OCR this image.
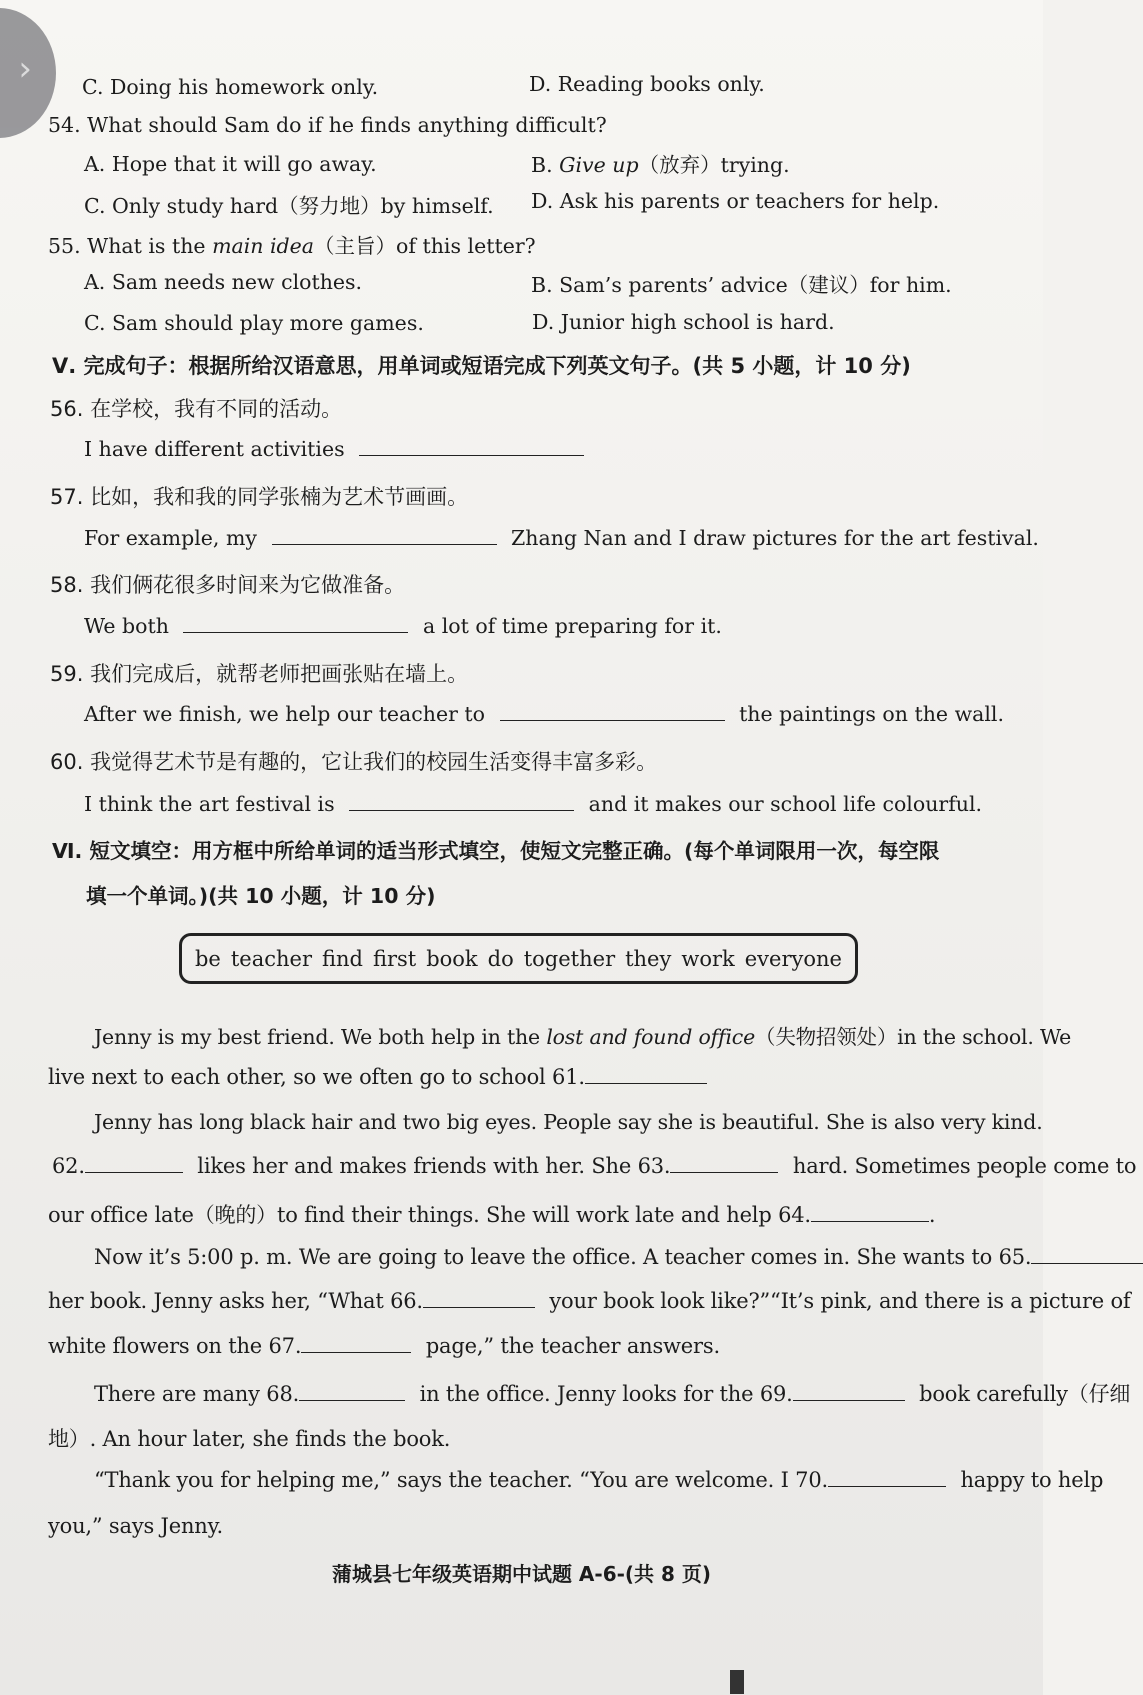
› C. Doing his homework only.	D. Reading books only.
54. What should Sam do if he finds anything difficult?
A. Hope that it will go away.	B. Give up（放弃）trying.
C. Only study hard（努力地）by himself. D. Ask his parents or teachers for help.
55. What is the main idea（主旨）of this letter?
A. Sam needs new clothes.	B. Sam’s parents’ advice（建议）for him.
C. Sam should play more games.	D. Junior high school is hard.
Ⅴ. 完成句子：根据所给汉语意思，用单词或短语完成下列英文句子。(共 5 小题，计 10 分)
56. 在学校，我有不同的活动。
I have different activities
57. 比如，我和我的同学张楠为艺术节画画。
For example, my	Zhang Nan and I draw pictures for the art festival.
58. 我们俩花很多时间来为它做准备。
We both	a lot of time preparing for it.
59. 我们完成后，就帮老师把画张贴在墙上。
After we finish, we help our teacher to	the paintings on the wall.
60. 我觉得艺术节是有趣的，它让我们的校园生活变得丰富多彩。
I think the art festival is	and it makes our school life colourful.
Ⅵ. 短文填空：用方框中所给单词的适当形式填空，使短文完整正确。(每个单词限用一次，每空限
填一个单词。)(共 10 小题，计 10 分)
be teacher find first book do together they work everyone
Jenny is my best friend. We both help in the lost and found office（失物招领处）in the school. We
live next to each other, so we often go to school 61.
Jenny has long black hair and two big eyes. People say she is beautiful. She is also very kind.
62.	likes her and makes friends with her. She 63.	hard. Sometimes people come to
our office late（晚的）to find their things. She will work late and help 64.	.
Now it’s 5:00 p. m. We are going to leave the office. A teacher comes in. She wants to 65.
her book. Jenny asks her, “What 66.	your book look like?”“It’s pink, and there is a picture of
white flowers on the 67.	page,” the teacher answers.
There are many 68.	in the office. Jenny looks for the 69.	book carefully（仔细
地）. An hour later, she finds the book.
“Thank you for helping me,” says the teacher. “You are welcome. I 70.	happy to help
you,” says Jenny.
蒲城县七年级英语期中试题 A-6-(共 8 页)
